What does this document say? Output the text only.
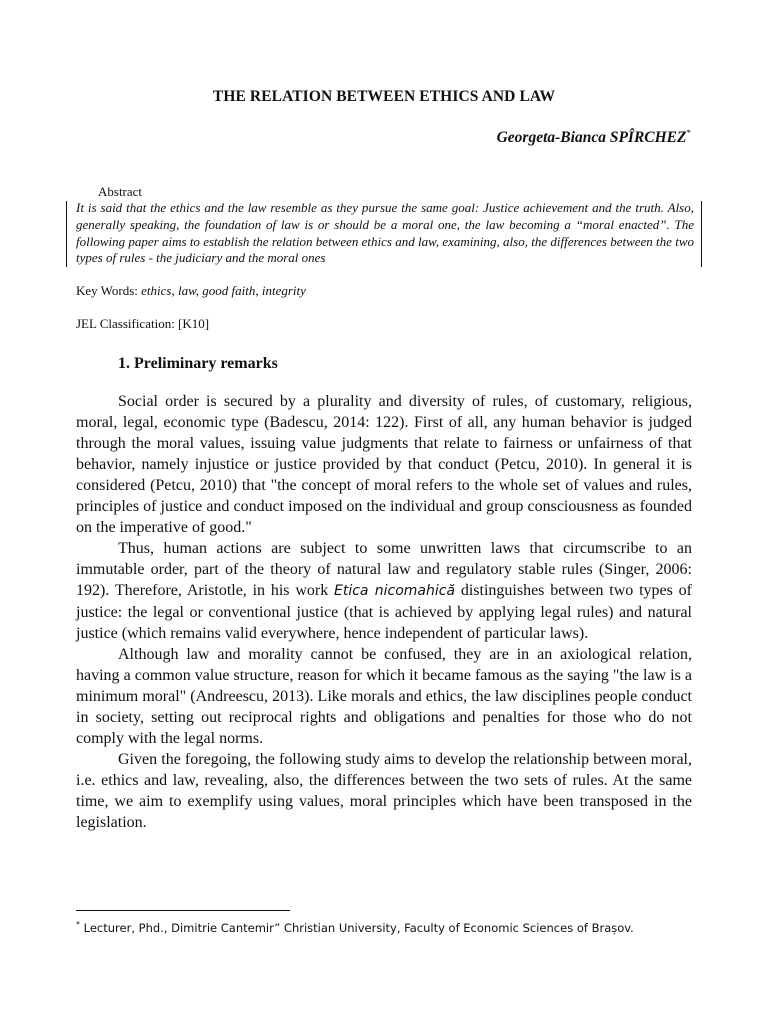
THE RELATION BETWEEN ETHICS AND LAW
Georgeta-Bianca SPÎRCHEZ*
Abstract
It is said that the ethics and the law resemble as they pursue the same goal: Justice achievement and the truth. Also, generally speaking, the foundation of law is or should be a moral one, the law becoming a “moral enacted”. The following paper aims to establish the relation between ethics and law, examining, also, the differences between the two types of rules - the judiciary and the moral ones
Key Words: ethics, law, good faith, integrity
JEL Classification: [K10]
1. Preliminary remarks

Social order is secured by a plurality and diversity of rules, of customary, religious, moral, legal, economic type (Badescu, 2014: 122). First of all, any human behavior is judged through the moral values, issuing value judgments that relate to fairness or unfairness of that behavior, namely injustice or justice provided by that conduct (Petcu, 2010). In general it is considered (Petcu, 2010) that "the concept of moral refers to the whole set of values and rules, principles of justice and conduct imposed on the individual and group consciousness as founded on the imperative of good."

Thus, human actions are subject to some unwritten laws that circumscribe to an immutable order, part of the theory of natural law and regulatory stable rules (Singer, 2006: 192). Therefore, Aristotle, in his work Etica nicomahică distinguishes between two types of justice: the legal or conventional justice (that is achieved by applying legal rules) and natural justice (which remains valid everywhere, hence independent of particular laws).

Although law and morality cannot be confused, they are in an axiological relation, having a common value structure, reason for which it became famous as the saying "the law is a minimum moral" (Andreescu, 2013). Like morals and ethics, the law disciplines people conduct in society, setting out reciprocal rights and obligations and penalties for those who do not comply with the legal norms.

Given the foregoing, the following study aims to develop the relationship between moral, i.e. ethics and law, revealing, also, the differences between the two sets of rules. At the same time, we aim to exemplify using values, moral principles which have been transposed in the legislation.

* Lecturer, Phd., Dimitrie Cantemir” Christian University, Faculty of Economic Sciences of Brașov.
